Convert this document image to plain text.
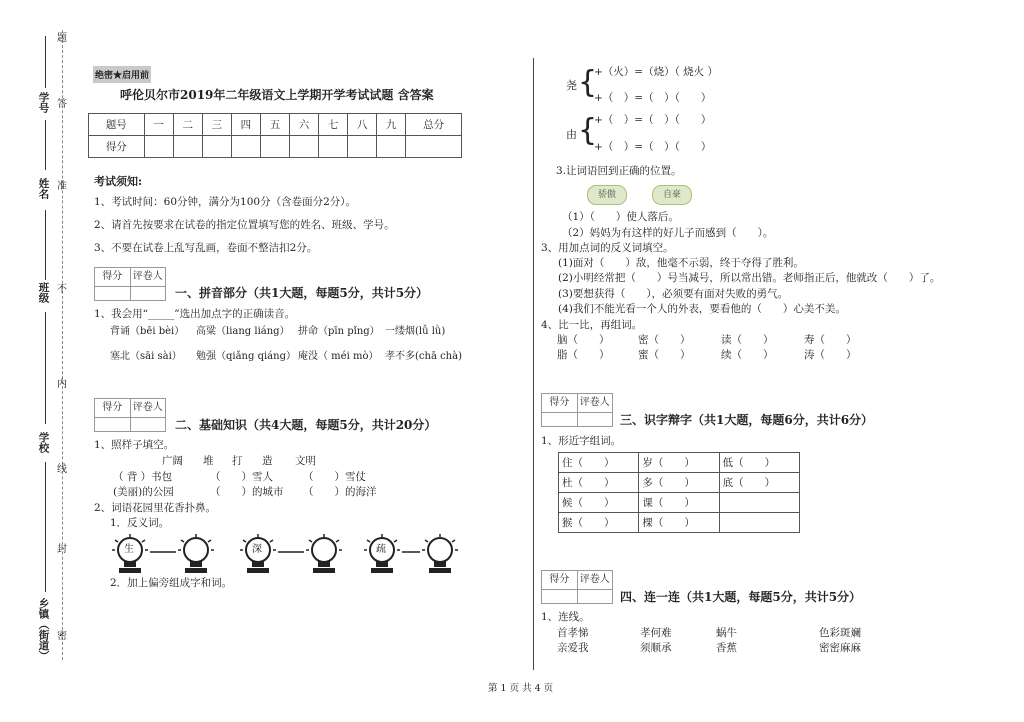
题
答
准
不
内
线
封
密
学号
姓名
班级
学校
乡镇（街道）
绝密★启用前
呼伦贝尔市2019年二年级语文上学期开学考试试题 含答案
题号	一	二	三	四	五	六	七	八	九	总分
得分										
考试须知:
1、考试时间：60分钟，满分为100分（含卷面分2分）。
2、请首先按要求在试卷的指定位置填写您的姓名、班级、学号。
3、不要在试卷上乱写乱画，卷面不整洁扣2分。
得分	评卷人
一、拼音部分（共1大题，每题5分，共计5分）
1、我会用“_____”选出加点字的正确读音。
背诵（bēi bèi） 高粱（liang liáng） 拼命（pīn pǐng） 一缕烟(lǚ lǜ)
塞北（sāi sài） 勉强（qiǎng qiáng） 庵没（ méi mò） 孝不多(chā chà)
得分	评卷人
二、基础知识（共4大题，每题5分，共计20分）
1、照样子填空。
广阔 堆 打 造 文明
（ 背 ）书包	（　　）雪人	（　　）雪仗
(美丽)的公园	（　　）的城市 （　　）的海洋
2、词语花园里花香扑鼻。
1．反义词。
生	深	疏
2．加上偏旁组成字和词。
尧 {
+（火）=（烧）（ 烧火 ）
+（　）=（　）（　　）
由 {
+（　）=（　）（　　）
+（　）=（　）（　　）
3.让词语回到正确的位置。
骄傲	自豪
（1）（　　）使人落后。
（2）妈妈为有这样的好儿子而感到（　　）。
3、用加点词的反义词填空。
(1)面对（　　）敌，他毫不示弱，终于夺得了胜利。
(2)小明经常把（　　）号当减号，所以常出错。老师指正后，他就改（　　）了。
(3)要想获得（　　），必须要有面对失败的勇气。
(4)我们不能光看一个人的外表，要看他的（　　）心美不美。
4、比一比，再组词。
脑（　　）	密（　　）	读（　　）	寿（　　）
脂（　　）	蜜（　　）	续（　　）	涛（　　）
得分	评卷人
三、识字辩字（共1大题，每题6分，共计6分）
1、形近字组词。
住（　　）	岁（　　）	低（　　）
杜（　　）	多（　　）	底（　　）
候（　　）	课（　　）	
猴（　　）	棵（　　）	
得分	评卷人
四、连一连（共1大题，每题5分，共计5分）
1、连线。
首孝悌	孝何难	蜗牛	色彩斑斓
亲爱我	须顺承	香蕉	密密麻麻
第 1 页 共 4 页
